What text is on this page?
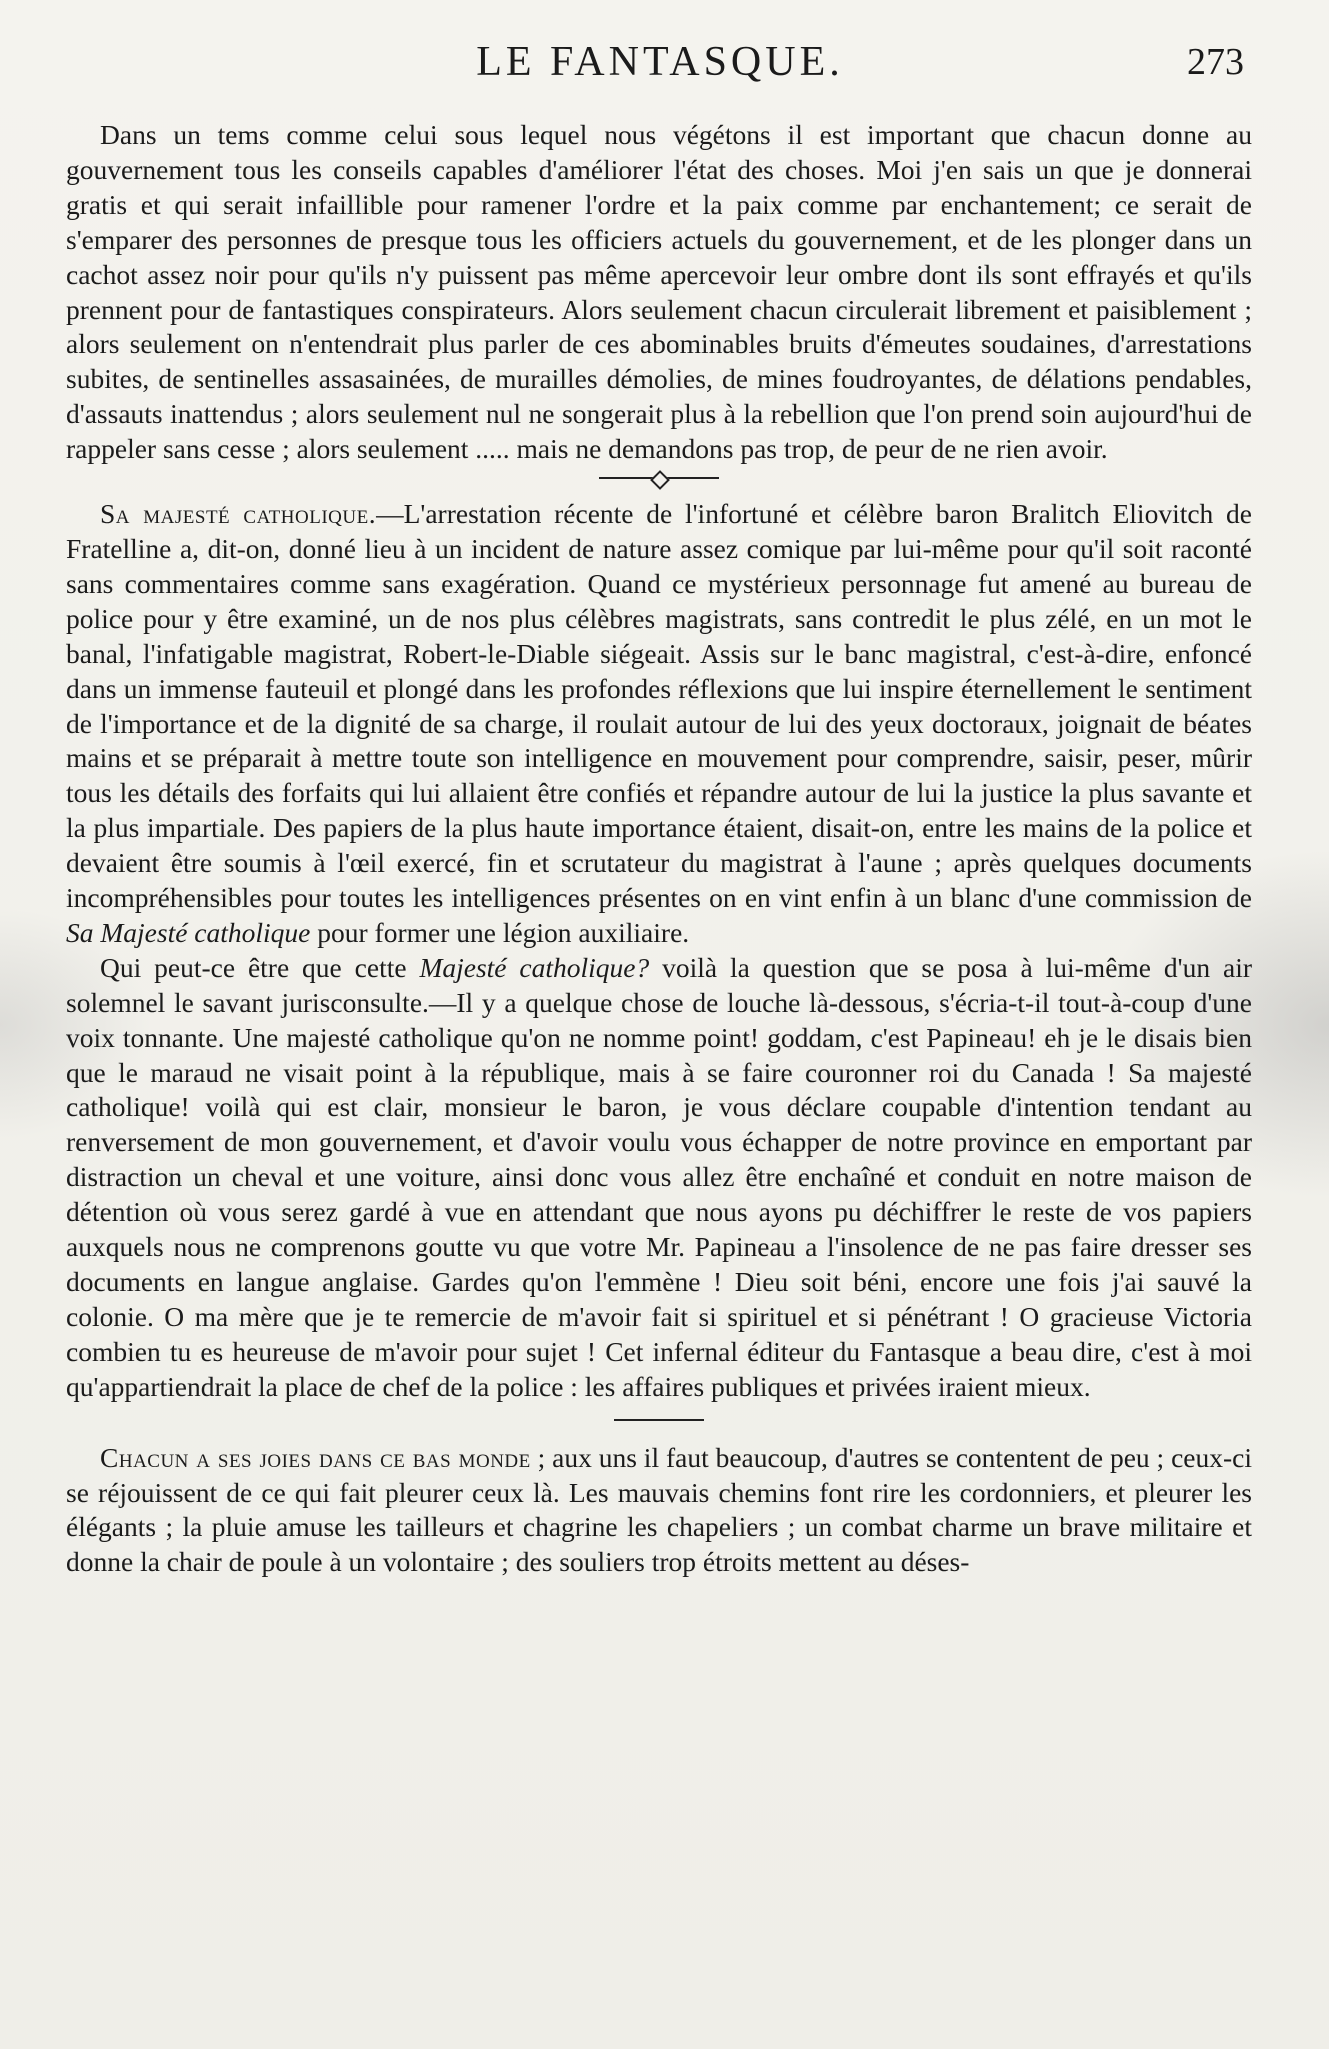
LE FANTASQUE.	273

Dans un tems comme celui sous lequel nous végétons il est important que chacun donne au gouvernement tous les conseils capables d'améliorer l'état des choses. Moi j'en sais un que je donnerai gratis et qui serait infaillible pour ramener l'ordre et la paix comme par enchantement; ce serait de s'emparer des personnes de presque tous les officiers actuels du gouvernement, et de les plonger dans un cachot assez noir pour qu'ils n'y puissent pas même apercevoir leur ombre dont ils sont effrayés et qu'ils prennent pour de fantastiques conspirateurs. Alors seulement chacun circulerait librement et paisiblement ; alors seulement on n'entendrait plus parler de ces abominables bruits d'émeutes soudaines, d'arrestations subites, de sentinelles assasainées, de murailles démolies, de mines foudroyantes, de délations pendables, d'assauts inattendus ; alors seulement nul ne songerait plus à la rebellion que l'on prend soin aujourd'hui de rappeler sans cesse ; alors seulement ..... mais ne demandons pas trop, de peur de ne rien avoir.

Sa majesté catholique.—L'arrestation récente de l'infortuné et célèbre baron Bralitch Eliovitch de Fratelline a, dit-on, donné lieu à un incident de nature assez comique par lui-même pour qu'il soit raconté sans commentaires comme sans exagération. Quand ce mystérieux personnage fut amené au bureau de police pour y être examiné, un de nos plus célèbres magistrats, sans contredit le plus zélé, en un mot le banal, l'infatigable magistrat, Robert-le-Diable siégeait. Assis sur le banc magistral, c'est-à-dire, enfoncé dans un immense fauteuil et plongé dans les profondes réflexions que lui inspire éternellement le sentiment de l'importance et de la dignité de sa charge, il roulait autour de lui des yeux doctoraux, joignait de béates mains et se préparait à mettre toute son intelligence en mouvement pour comprendre, saisir, peser, mûrir tous les détails des forfaits qui lui allaient être confiés et répandre autour de lui la justice la plus savante et la plus impartiale. Des papiers de la plus haute importance étaient, disait-on, entre les mains de la police et devaient être soumis à l'œil exercé, fin et scrutateur du magistrat à l'aune ; après quelques documents incompréhensibles pour toutes les intelligences présentes on en vint enfin à un blanc d'une commission de Sa Majesté catholique pour former une légion auxiliaire.

Qui peut-ce être que cette Majesté catholique? voilà la question que se posa à lui-même d'un air solemnel le savant jurisconsulte.—Il y a quelque chose de louche là-dessous, s'écria-t-il tout-à-coup d'une voix tonnante. Une majesté catholique qu'on ne nomme point! goddam, c'est Papineau! eh je le disais bien que le maraud ne visait point à la république, mais à se faire couronner roi du Canada ! Sa majesté catholique! voilà qui est clair, monsieur le baron, je vous déclare coupable d'intention tendant au renversement de mon gouvernement, et d'avoir voulu vous échapper de notre province en emportant par distraction un cheval et une voiture, ainsi donc vous allez être enchaîné et conduit en notre maison de détention où vous serez gardé à vue en attendant que nous ayons pu déchiffrer le reste de vos papiers auxquels nous ne comprenons goutte vu que votre Mr. Papineau a l'insolence de ne pas faire dresser ses documents en langue anglaise. Gardes qu'on l'emmène ! Dieu soit béni, encore une fois j'ai sauvé la colonie. O ma mère que je te remercie de m'avoir fait si spirituel et si pénétrant ! O gracieuse Victoria combien tu es heureuse de m'avoir pour sujet ! Cet infernal éditeur du Fantasque a beau dire, c'est à moi qu'appartiendrait la place de chef de la police : les affaires publiques et privées iraient mieux.

Chacun a ses joies dans ce bas monde ; aux uns il faut beaucoup, d'autres se contentent de peu ; ceux-ci se réjouissent de ce qui fait pleurer ceux là. Les mauvais chemins font rire les cordonniers, et pleurer les élégants ; la pluie amuse les tailleurs et chagrine les chapeliers ; un combat charme un brave militaire et donne la chair de poule à un volontaire ; des souliers trop étroits mettent au déses-
